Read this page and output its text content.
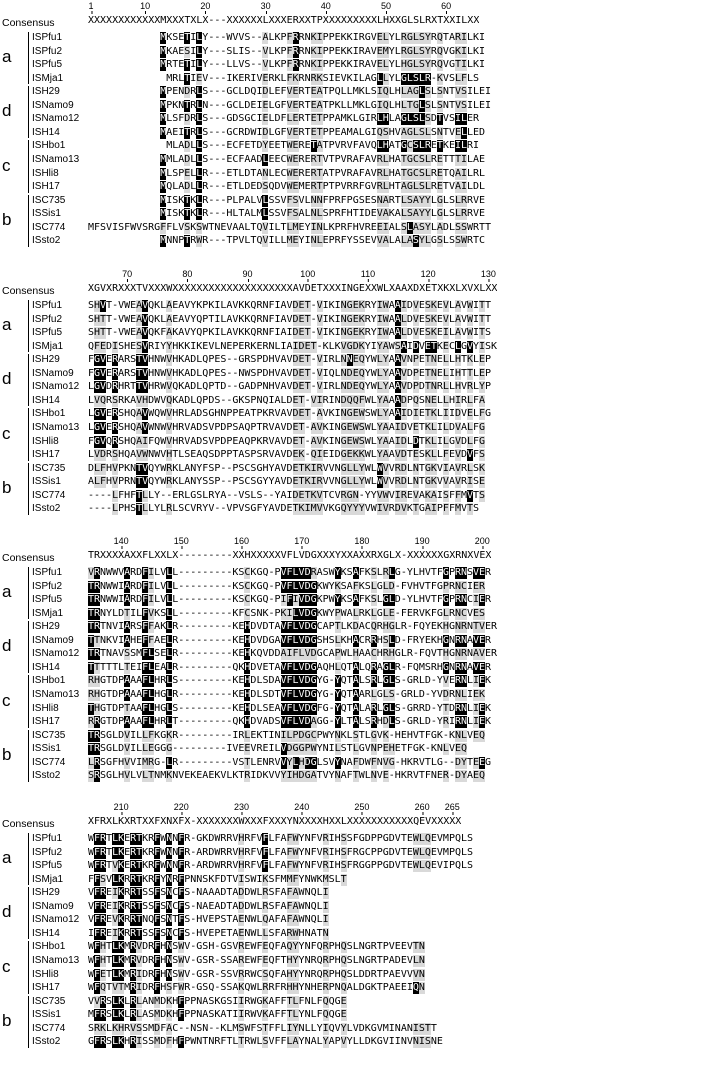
1	10	20	30	40	50	60
Consensus	XXXXXXXXXXXXMXXXTXLX---XXXXXXLXXXERXXTPXXXXXXXXXLHXXGLSLRXTXXILXX
ISPfu1	MKSETILY---WVVS--ALKPFRRNKIPPEKKIRGVELYLRGLSYRQTARILKI
ISPfu2	MKAESILY---SLIS--VLKPFRRNKIPPEKKIRAVEMYLRGLSYRQVGKILKI
ISPfu5	MRTETILY---LLVS--VLKPFRRNKIPPEKKIRAVELYLHGLSYRQVGTILKI
ISMja1	MRLTIEV---IKERIVERKLFKRNRKSIEVKILAGLLYLGLSLR-KVSLFLS
ISH29	MPENDRLS---GCLDQIDLEFVERTEATPQLLMKLSIQLHLAGLSLSNTVSILEI
ISNamo9	MPKNTRLN---GCLDEIELGFVERTEATPKLLMKLGIQLHLTGLSLSNTVSILEI
ISNamo12	MLSFDRLS---GDSGCIELDFLERTETPPAMKLGIRLHLAGLSLSDTVSILER
ISH14	MAEITRLS---GCRDWIDLGFVERTETPPEAMALGIQSHVAGLSLSNTVELLED
ISHbo1	MLADLLS---ECFETDYEETWERETATPVRVFAVQLHATGCSLRETKEILRI
ISNamo13	MMLADLLS---ECFAADLEECWERERTVTPVRAFAVRLHATGCSLRETTTILAE
ISHli8	MLSPELLR---ETLDTANLECWERERTATPVRAFAVRLHATGCSLRETQAILRL
ISH17	MQLADLLR---ETLDEDSQDVWEMERTPTPVRRFGVRLHTAGLSLRETVAILDL
ISC735	MISKTKLR---PLPALVLSSVFSVLNNFPRFPGSESNARTLSAYYLGLSLRRVE
ISSis1	MISKTKLR---HLTALMLSSVFSALNLSPRFHTIDEVAKALSAYYLGLSLRRVE
ISC774 MFSVISFWVSRGFFLVSKSWTNEVAALTQVILTLMEYINLKPRFHVREEIALSLASYLADLSSWRTT
ISsto2	MNNPTRWR---TPVLTQVILLMEYINLEPRFYSSEVVALALASYLGSLSSWRTC
a
d
c
b
70	80	90	100	110	120	130
Consensus	XGVXRXXXTVXXXWXXXXXXXXXXXXXXXXXXXXAVDETXXXINGEXXWLXAAXDXETXKXLXVXLXX
ISPfu1	SHVT-VWEAVQKLAEAVYKPKILAVKKQRNFIAVDET-VIKINGEKRYIWAAIDVESKEVLAVWITT
ISPfu2	SHTT-VWEAVQKLAEAVYQPTILAVKKQRNFIAVDET-VIKINGEKRYIWAALDVESKEVLAVWITT
ISPfu5	SHTT-VWEAVQKFAKAVYQPKILAVKKQRNFIAIDET-VIKINGEKRYIWAALDVESKEILAVWITS
ISMja1 QFEDISHESVRIYYHKKIKEVLNEPERKERNLIAIDET-KLKVGDKYIYAWSAIDVETKECLGVYISK
ISH29	FGVERARSTVHNWVHKADLQPES--GRSPDHVAVDET-VIRLNNEQYWLYAAVNPETNELLHTKLEP
ISNamo9 FGVERARSTVHNWVHKADLQPES--NWSPDHVAVDET-VIQLNDEQYWLYAAVDPETNELIHTTLEP
ISNamo12 LGVDRHRTTVHRWVQKADLQPTD--GADPNHVAVDET-VIRLNDEQYWLYAAVDPDTNRLLHVRLYP
ISH14	LVQRSRKAVHDWVQKADLQPDS--GKSPNQIALDET-VIRINDQQFWLYAAADPQSNELLHIRLFA
ISHbo1 LGVERSHQAVWQWVHRLADSGHNPPEATPKRVAVDET-AVKINGEWSWLYAAIDIETKLIIDVELFG
ISNamo13 LGVERSHQAVWNWVHRVADSVPDPSAQPTRVAVDET-AVKINGEWSWLYAAIDVETKLILDVALFG
ISHli8	FGVQRSHQAIFQWVHRVADSVPDPEAQPKRVAVDET-AVKINGEWSWLYAAIDLDTKLILGVDLFG
ISH17	LVDRSHQAVWNWVHTLSEAQSDPPTASPSRVAVDEK-QIEIDGEKKWLYAAVDTESKLLFEVDVFS
ISC735 DLFHVPKNTVQYWRKLANYFSP--PSCSGHYAVDETKIRVVNGLLYWLWVVRDLNTGKVIAVRLSK
ISSis1	ALFHVPRNTVQYWRKLANYSSP--PSCSGYYAVDETKIRVVNGLLYWLWVVRDLNTGKVVAVRISE
ISC774 ----LFHFTLLY--ERLGSLRYA--VSLS--YAIDETKVTCVRGN-YYVWVIREVAKAISFFMVTS
ISsto2	----LPHSTLLYLRLSCVRYV--VPVSGFYAVDETKIMVVKGQYYYVWIVRDVKTGAIPFFMVTS
a
d
c
b
140	150	160	170	180	190	200
Consensus	TRXXXXAXXFLXXLX---------XXHXXXXXVFLVDGXXXYXXAXXRXGLX-XXXXXXGXRNXVEX
ISPfu1	VRNWWVARDFILVLL---------KSCKGQ-PVFLVDRASWYKSAFKSLRLG-YLHVTFGPRNSVER
ISPfu2	TRNWWIARDFILVLL---------KSCKGQ-PVFLVDGKWYKSAFKSLGLD-FVHVTFGPRNCIER
ISPfu5	TRNWWIARDFILVLL---------KSCKGQ-PIFIVDGKPWYKSAFKSLGLD-YLHVTFGPRNCIER
ISMja1 TRNYLDTILFVKSLL---------KFCSNK-PKILVDGKWYPWALRKLGLE-FERVKFGLRNCVES
ISH29	TRTNVIARSFFAKLR---------KEHDVDTAVFLVDGCAPTLKDACQRHGLR-FQYEKHGNRNTVER
ISNamo9 TTNKVIAHEFFAELR---------KEHDVDGAVFLVDGSHSLKHACRRHSLD-FRYEKHGNRNAVER
ISNamo12 TRTNAVSSMFLSELR---------KEHKQVDDAIFLVDGCAPWLHAACHRHGLR-FQVTHGNRNAVER
ISH14	TTTTTLTEIFLEALR---------QKHDVETAVFLVDGAQHLQTALQRAGLR-FQMSRHGNRNAVER
ISHbo1 RHGTDPAAAFLHRLS---------KEHDLSDAVFLVDGYG-YQTALSRLGLS-GRLD-YVERNLIEK
ISNamo13 RHGTDPAAAFLHGLR---------KEHDLSDTVFLVDGYG-YQTAARLGLS-GRLD-YVDRNLIEK
ISHli8	THGTDPTAAFLHGLS---------KEHDLSEAVFLVDGFG-YQTALARLGLS-GRRD-YTDRNLIEK
ISH17	RRGTDPAAAFLHRLT---------QKHDVADSVFLVDAGG-YLTALSRHDLS-GRLD-YRIRNLIEK
ISC735 TRSGLDVILLFKGKR---------IRLEKTINILPDGCPWYNKLSTLGVK-HEHVTFGK-KNLVEQ
ISSis1	TRSGLDVILLEGGG---------IVEEVREILVDGGPWYNILSTLGVNPEHETFGK-KNLVEQ
ISC774 LRSGFHVVIMRG-LR---------VSTLENRVVYLHDGLSVYNAFDWFNVG-HKRVTLG--DYTEEG
ISsto2	SRSGLHVLVLTNMKNVEKEAEKVLKTRIDKVVYIHDGATVYNAFTWLNVE-HKRVTFNER-DYAEQ
a
d
c
b
210	220	230	240	250	260 265
Consensus	XFRXLKXRTXXFXNXFX-XXXXXXXWXXXFXXXYNXXXXHXXLXXXXXXXXXXXQEVXXXXX
ISPfu1	WFRTLKERTKRFWNNFR-GKDWRRVHRFVFLFAFWYNFVRIHSSFGDPPGDVTEWLQEVMPQLS
ISPfu2	WFRTLKERTKRFWNNFR-ARDWRRVHRFVFLFAFWYNFVRIHSFRGCPPGDVTEWLQEVMPQLS
ISPfu5	WFRTVKERTKRFWNNFR-ARDWRRVHRFVFLFAFWYNFVRIHSFRGGPPGDVTEWLQEVIPQLS
ISMja1 FFSVLKRRTKRFYNRFPNNSKFDTVISWIKSFMMFYNWKMSLT
ISH29	VFREIKRRTSSFSNCFS-NAAADTADDWLRSFAFAWNQLI
ISNamo9 VFREIKRRTSSFSNCFS-NAEADTADDWLRSFAFAWNQLI
ISNamo12 VFREVKRRTNQFSNTFS-HVEPSTAENWLQAFAFAWNQLI
ISH14	IFREIKRRTSSFSNCFS-HVEPETAENWLLSFARWHNATN
ISHbo1 WFHTLKMRVDRFHNSWV-GSH-GSVREWFEQFAQYYNFQRPHQSLNGRTPVEEVTN
ISNamo13 WFHTLKMRVDRFHNSWV-GSR-SSAREWFEQFTHYYNRQRPHQSLNGRTPADEVLN
ISHli8	WFETLKMRIDRFHNSWV-GSR-SSVRRWCSQFAHYYNRQRPHQSLDDRTPAEVVVN
ISH17	WFQTVTMRIDRFHSFWR-GSQ-SSAKQWLRRFRHHYNHERPNQALDGKTPAEEIQN
ISC735 VVRSLKLRLANMDKHFPPNASKGSIIRWGKAFFTLFNLFQQGE
ISSis1	MFRSLKLRLASMDKHFPPNASKATIIRWVKAFFTLYNLFQQGE
ISC774 SRKLKHRVSSMDFAC--NSN--KLMSWFSTFFLIYNLLYIQVYLVDKGVMINANISTT
ISsto2	GFRSLKHRISSMDFHFPWNTNRFTLTRWLSVFFLAYNALYAPVYLLDKGVIINVNISNE
a
d
c
b
